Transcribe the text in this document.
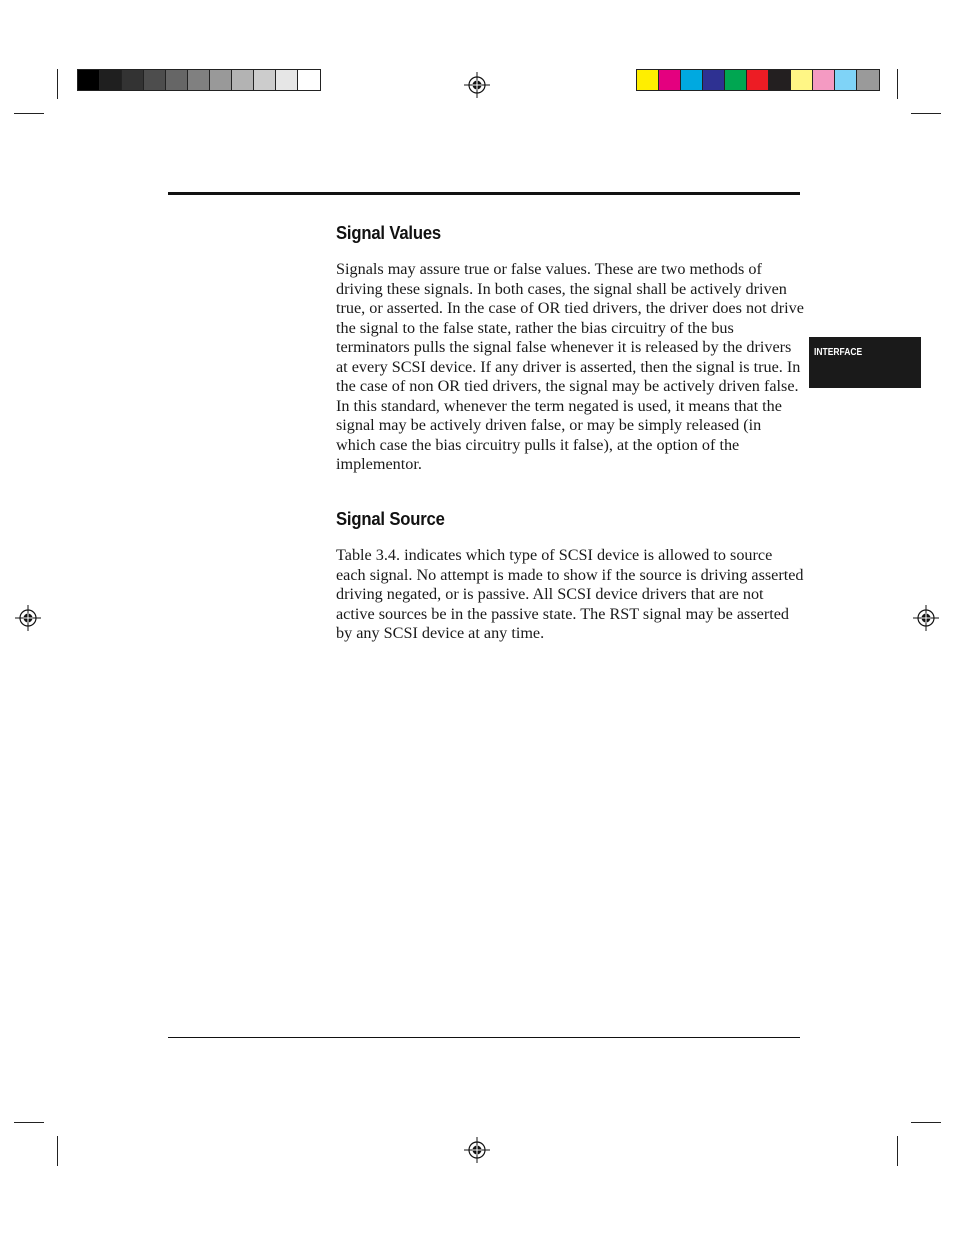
INTERFACE
Signal Values

Signals may assure true or false values. These are two methods of driving these signals. In both cases, the signal shall be actively driven true, or asserted. In the case of OR tied drivers, the driver does not drive the signal to the false state, rather the bias circuitry of the bus terminators pulls the signal false whenever it is released by the drivers at every SCSI device. If any driver is asserted, then the signal is true. In the case of non OR tied drivers, the signal may be actively driven false. In this standard, whenever the term negated is used, it means that the signal may be actively driven false, or may be simply released (in which case the bias circuitry pulls it false), at the option of the implementor.

Signal Source

Table 3.4. indicates which type of SCSI device is allowed to source each signal. No attempt is made to show if the source is driving asserted driving negated, or is passive. All SCSI device drivers that are not active sources be in the passive state. The RST signal may be asserted by any SCSI device at any time.
